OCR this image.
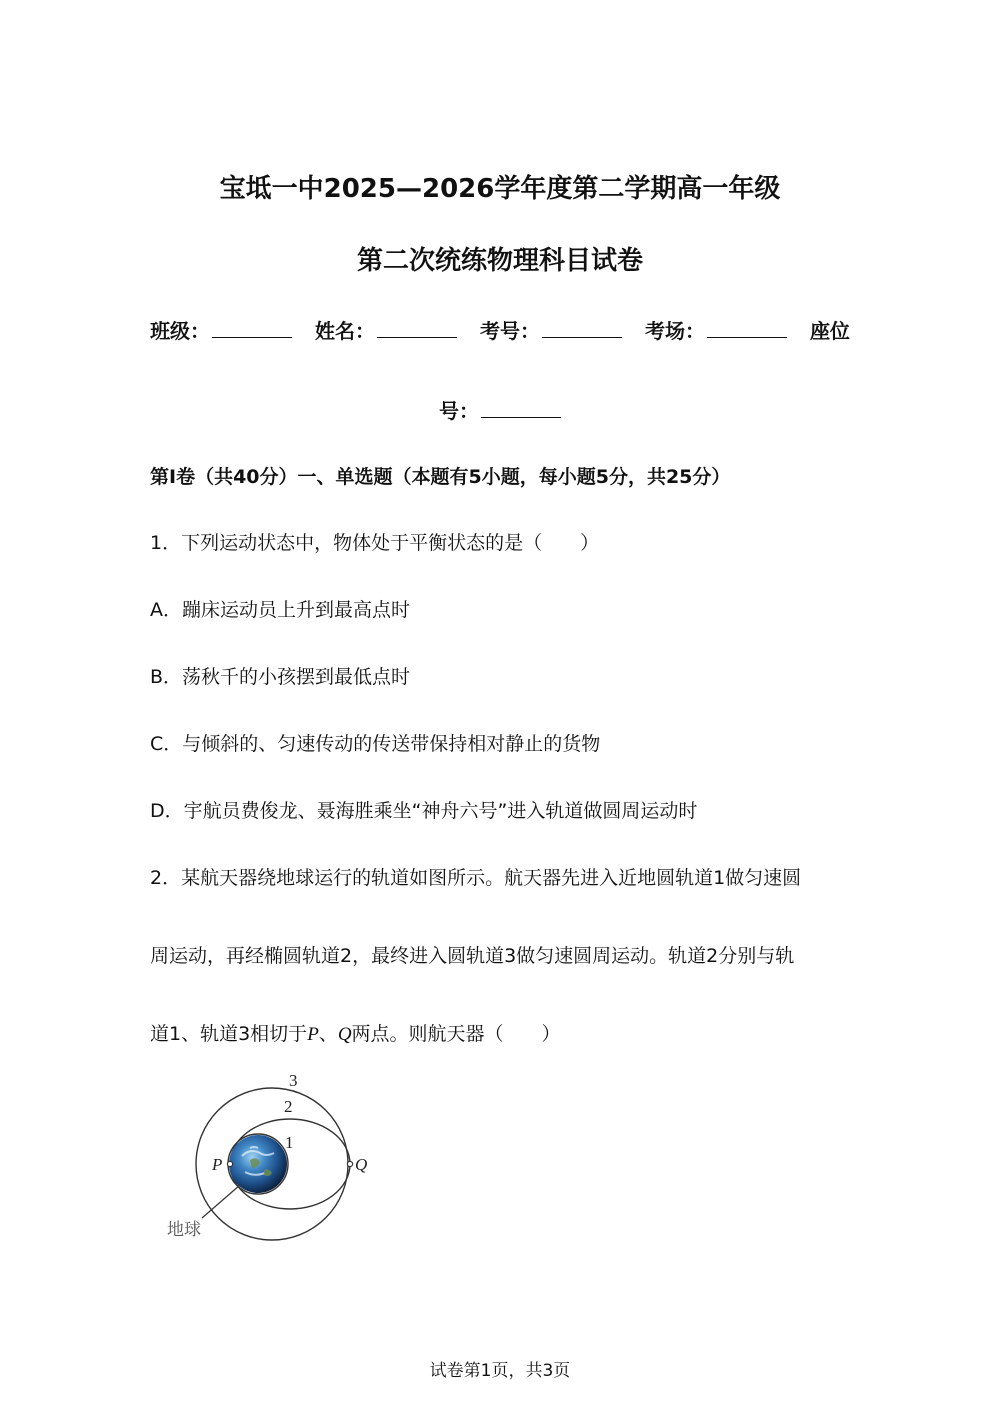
宝坻一中2025—2026学年度第二学期高一年级
第二次统练物理科目试卷
班级：	姓名：	考号：	考场：	座位
号：
第Ⅰ卷（共40分）一、单选题（本题有5小题，每小题5分，共25分）
1．下列运动状态中，物体处于平衡状态的是（　　）
A．蹦床运动员上升到最高点时
B．荡秋千的小孩摆到最低点时
C．与倾斜的、匀速传动的传送带保持相对静止的货物
D．宇航员费俊龙、聂海胜乘坐“神舟六号”进入轨道做圆周运动时
2．某航天器绕地球运行的轨道如图所示。航天器先进入近地圆轨道1做匀速圆
周运动，再经椭圆轨道2，最终进入圆轨道3做匀速圆周运动。轨道2分别与轨
道1、轨道3相切于P、Q两点。则航天器（　　）
3
2
1
P	Q
地球
试卷第1页，共3页
